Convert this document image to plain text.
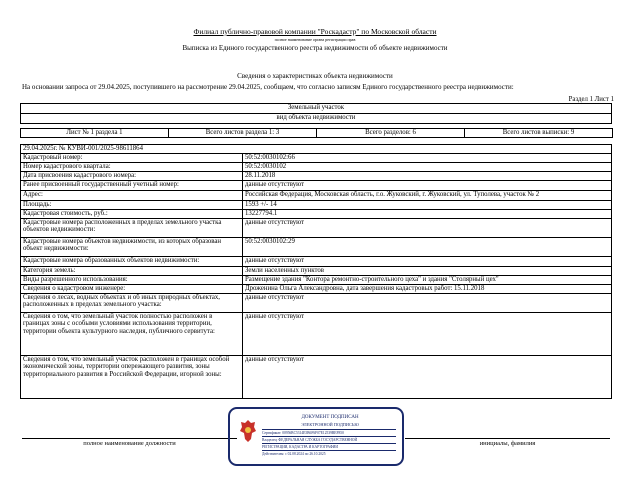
Филиал публично-правовой компании "Роскадастр" по Московской области
полное наименование органа регистрации прав
Выписка из Единого государственного реестра недвижимости об объекте недвижимости
Сведения о характеристиках объекта недвижимости
На основании запроса от 29.04.2025, поступившего на рассмотрение 29.04.2025, сообщаем, что согласно записям Единого государственного реестра недвижимости:
Раздел 1 Лист 1
Земельный участок
вид объекта недвижимости
Лист № 1 раздела 1	Всего листов раздела 1: 3	Всего разделов: 6	Всего листов выписки: 9
29.04.2025г. № КУВИ-001/2025-98611864	
Кадастровый номер:	50:52:0030102:66
Номер кадастрового квартала:	50:52:0030102
Дата присвоения кадастрового номера:	28.11.2018
Ранее присвоенный государственный учетный номер:	данные отсутствуют
Адрес:	Российская Федерация, Московская область, г.о. Жуковский, г. Жуковский, ул. Туполева, участок № 2
Площадь:	1593 +/- 14
Кадастровая стоимость, руб.:	13227794.1
Кадастровые номера расположенных в пределах земельного участка объектов недвижимости:	данные отсутствуют
Кадастровые номера объектов недвижимости, из которых образован объект недвижимости:	50:52:0030102:29
Кадастровые номера образованных объектов недвижимости:	данные отсутствуют
Категория земель:	Земли населенных пунктов
Виды разрешенного использования:	Размещение здания "Контора ремонтно-строительного цеха" и здания "Столярный цех"
Сведения о кадастровом инженере:	Дроженина Ольга Александровна, дата завершения кадастровых работ: 15.11.2018
Сведения о лесах, водных объектах и об иных природных объектах, расположенных в пределах земельного участка:	данные отсутствуют
Сведения о том, что земельный участок полностью расположен в границах зоны с особыми условиями использования территории, территории объекта культурного наследия, публичного сервитута:	данные отсутствуют
Сведения о том, что земельный участок расположен в границах особой экономической зоны, территории опережающего развития, зоны территориального развития в Российской Федерации, игорной зоны:	данные отсутствуют
полное наименование должности	инициалы, фамилия
ДОКУМЕНТ ПОДПИСАН
ЭЛЕКТРОННОЙ ПОДПИСЬЮ
Сертификат: 00956BC5314E5B6F6F07E12539BEF850
Владелец: ФЕДЕРАЛЬНАЯ СЛУЖБА ГОСУДАРСТВЕННОЙ
РЕГИСТРАЦИИ, КАДАСТРА И КАРТОГРАФИИ
Действителен: с 02.08.2024 по 26.10.2025
